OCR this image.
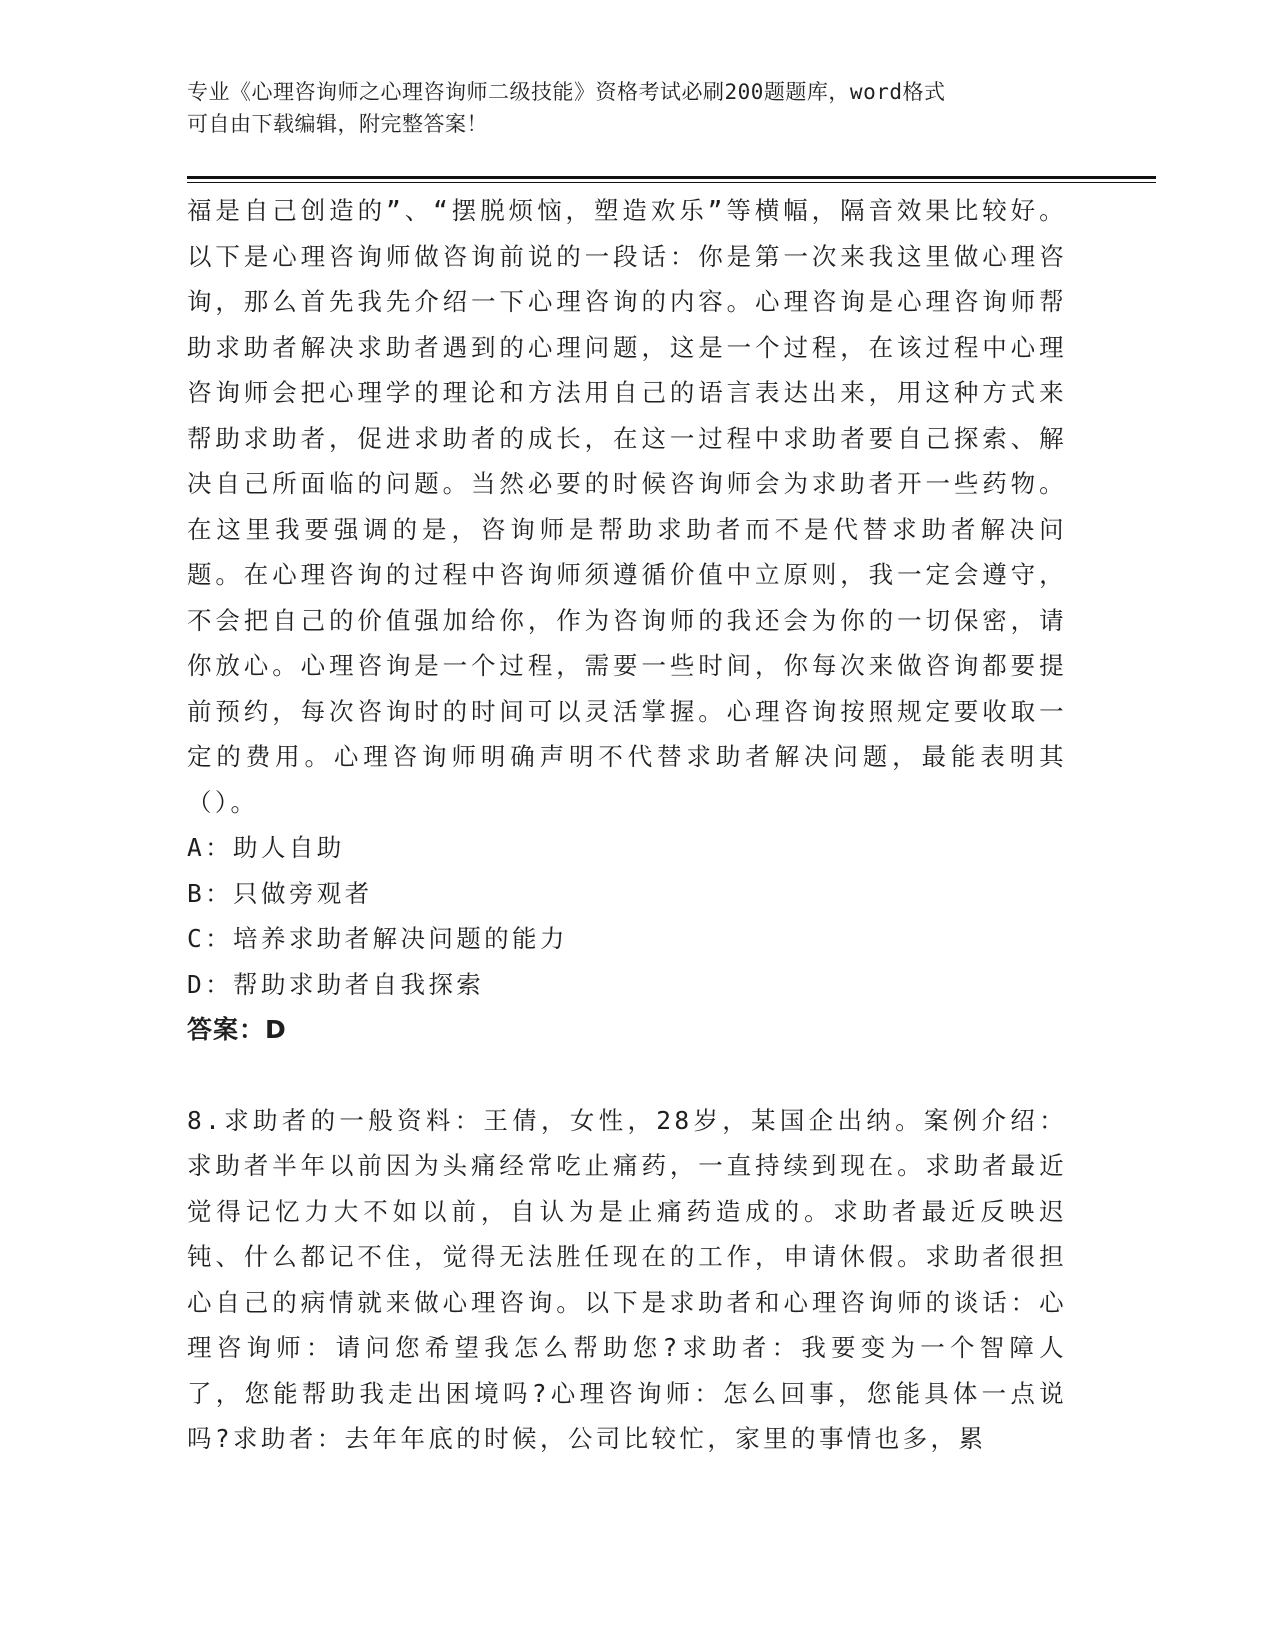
专业《心理咨询师之心理咨询师二级技能》资格考试必刷200题题库，word格式
可自由下载编辑，附完整答案！

福是自己创造的”、“摆脱烦恼，塑造欢乐”等横幅，隔音效果比较好。以下是心理咨询师做咨询前说的一段话：你是第一次来我这里做心理咨询，那么首先我先介绍一下心理咨询的内容。心理咨询是心理咨询师帮助求助者解决求助者遇到的心理问题，这是一个过程，在该过程中心理咨询师会把心理学的理论和方法用自己的语言表达出来，用这种方式来帮助求助者，促进求助者的成长，在这一过程中求助者要自己探索、解决自己所面临的问题。当然必要的时候咨询师会为求助者开一些药物。在这里我要强调的是，咨询师是帮助求助者而不是代替求助者解决问题。在心理咨询的过程中咨询师须遵循价值中立原则，我一定会遵守，不会把自己的价值强加给你，作为咨询师的我还会为你的一切保密，请你放心。心理咨询是一个过程，需要一些时间，你每次来做咨询都要提前预约，每次咨询时的时间可以灵活掌握。心理咨询按照规定要收取一定的费用。心理咨询师明确声明不代替求助者解决问题，最能表明其（）。

A：助人自助

B：只做旁观者

C：培养求助者解决问题的能力

D：帮助求助者自我探索

答案：D

8.求助者的一般资料：王倩，女性，28岁，某国企出纳。案例介绍：求助者半年以前因为头痛经常吃止痛药，一直持续到现在。求助者最近觉得记忆力大不如以前，自认为是止痛药造成的。求助者最近反映迟钝、什么都记不住，觉得无法胜任现在的工作，申请休假。求助者很担心自己的病情就来做心理咨询。以下是求助者和心理咨询师的谈话：心理咨询师：请问您希望我怎么帮助您?求助者：我要变为一个智障人了，您能帮助我走出困境吗?心理咨询师：怎么回事，您能具体一点说吗?求助者：去年年底的时候，公司比较忙，家里的事情也多，累
